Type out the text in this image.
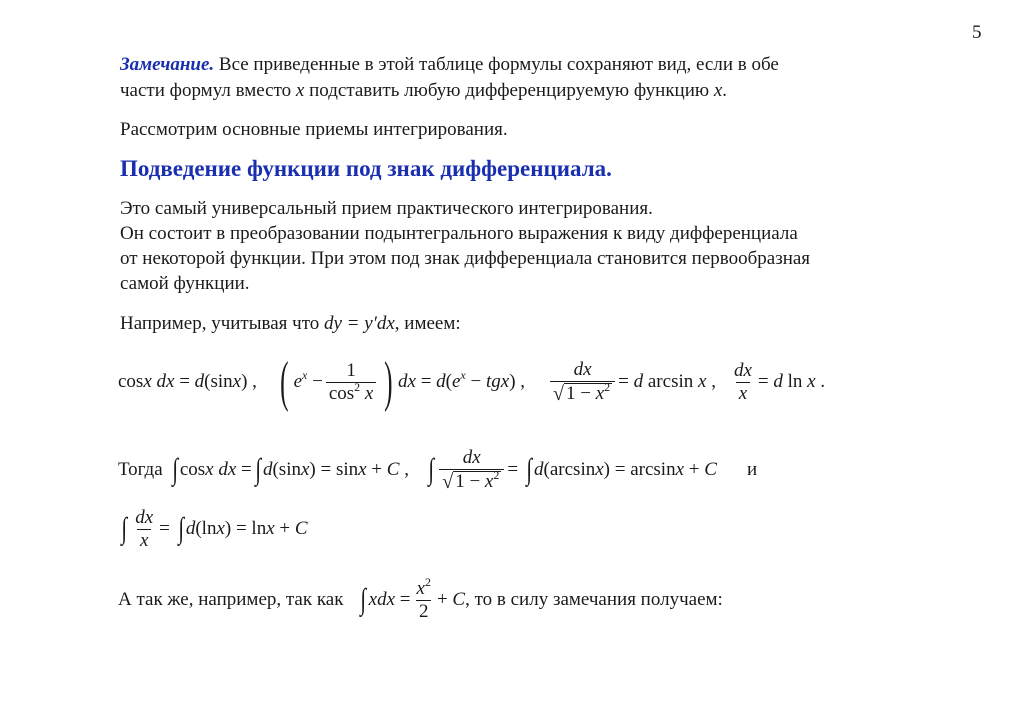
5
Замечание. Все приведенные в этой таблице формулы сохраняют вид, если в обе
части формул вместо x подставить любую дифференцируемую функцию x.
Рассмотрим основные приемы интегрирования.
Подведение функции под знак дифференциала.
Это самый универсальный прием практического интегрирования.
Он состоит в преобразовании подынтегрального выражения к виду дифференциала
от некоторой функции. При этом под знак дифференциала становится первообразная
самой функции.
Например, учитывая что dy = y′dx, имеем:
cosx dx = d(sinx) , ( $e^x - \frac{1}{\cos^2 x}$ ) dx = $d(e^x - tgx)$ , $\frac{dx}{√ 1 - x^2} = d$ arcsin x , $\frac{dx}{x} = d$ ln x .
Тогда ∫ cosx dx = ∫ d(sinx) = sinx + C , ∫ $\frac{dx}{√ 1 - x^2}$ = ∫ d(arcsinx) = arcsinx + C и
∫ $\frac{dx}{x}$ = ∫ d(lnx) = lnx + C
А так же, например, так как ∫ xdx = $\frac{x^2}{2} + C$ , то в силу замечания получаем:
